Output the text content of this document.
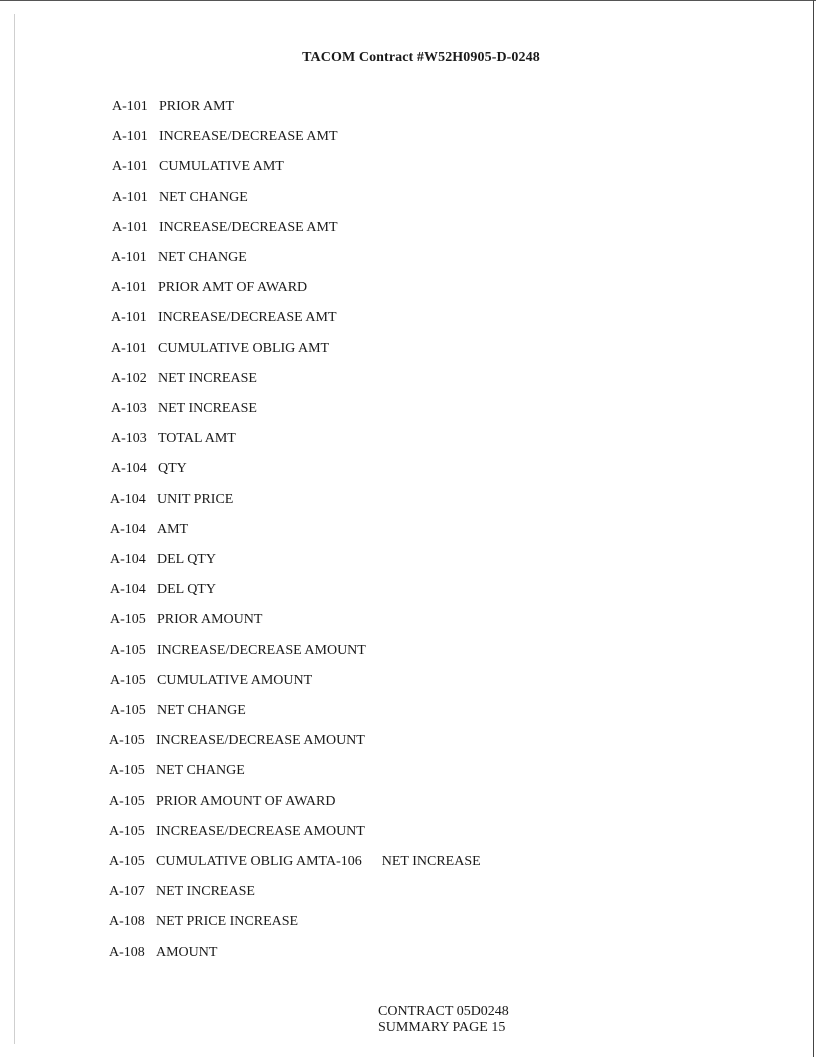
TACOM Contract #W52H0905-D-0248
A-101 PRIOR AMT
A-101 INCREASE/DECREASE AMT
A-101 CUMULATIVE AMT
A-101 NET CHANGE
A-101 INCREASE/DECREASE AMT
A-101 NET CHANGE
A-101 PRIOR AMT OF AWARD
A-101 INCREASE/DECREASE AMT
A-101 CUMULATIVE OBLIG AMT
A-102 NET INCREASE
A-103 NET INCREASE
A-103 TOTAL AMT
A-104 QTY
A-104 UNIT PRICE
A-104 AMT
A-104 DEL QTY
A-104 DEL QTY
A-105 PRIOR AMOUNT
A-105 INCREASE/DECREASE AMOUNT
A-105 CUMULATIVE AMOUNT
A-105 NET CHANGE
A-105 INCREASE/DECREASE AMOUNT
A-105 NET CHANGE
A-105 PRIOR AMOUNT OF AWARD
A-105 INCREASE/DECREASE AMOUNT
A-105 CUMULATIVE OBLIG AMTA-106 NET INCREASE
A-107 NET INCREASE
A-108 NET PRICE INCREASE
A-108 AMOUNT
CONTRACT 05D0248
SUMMARY PAGE 15
